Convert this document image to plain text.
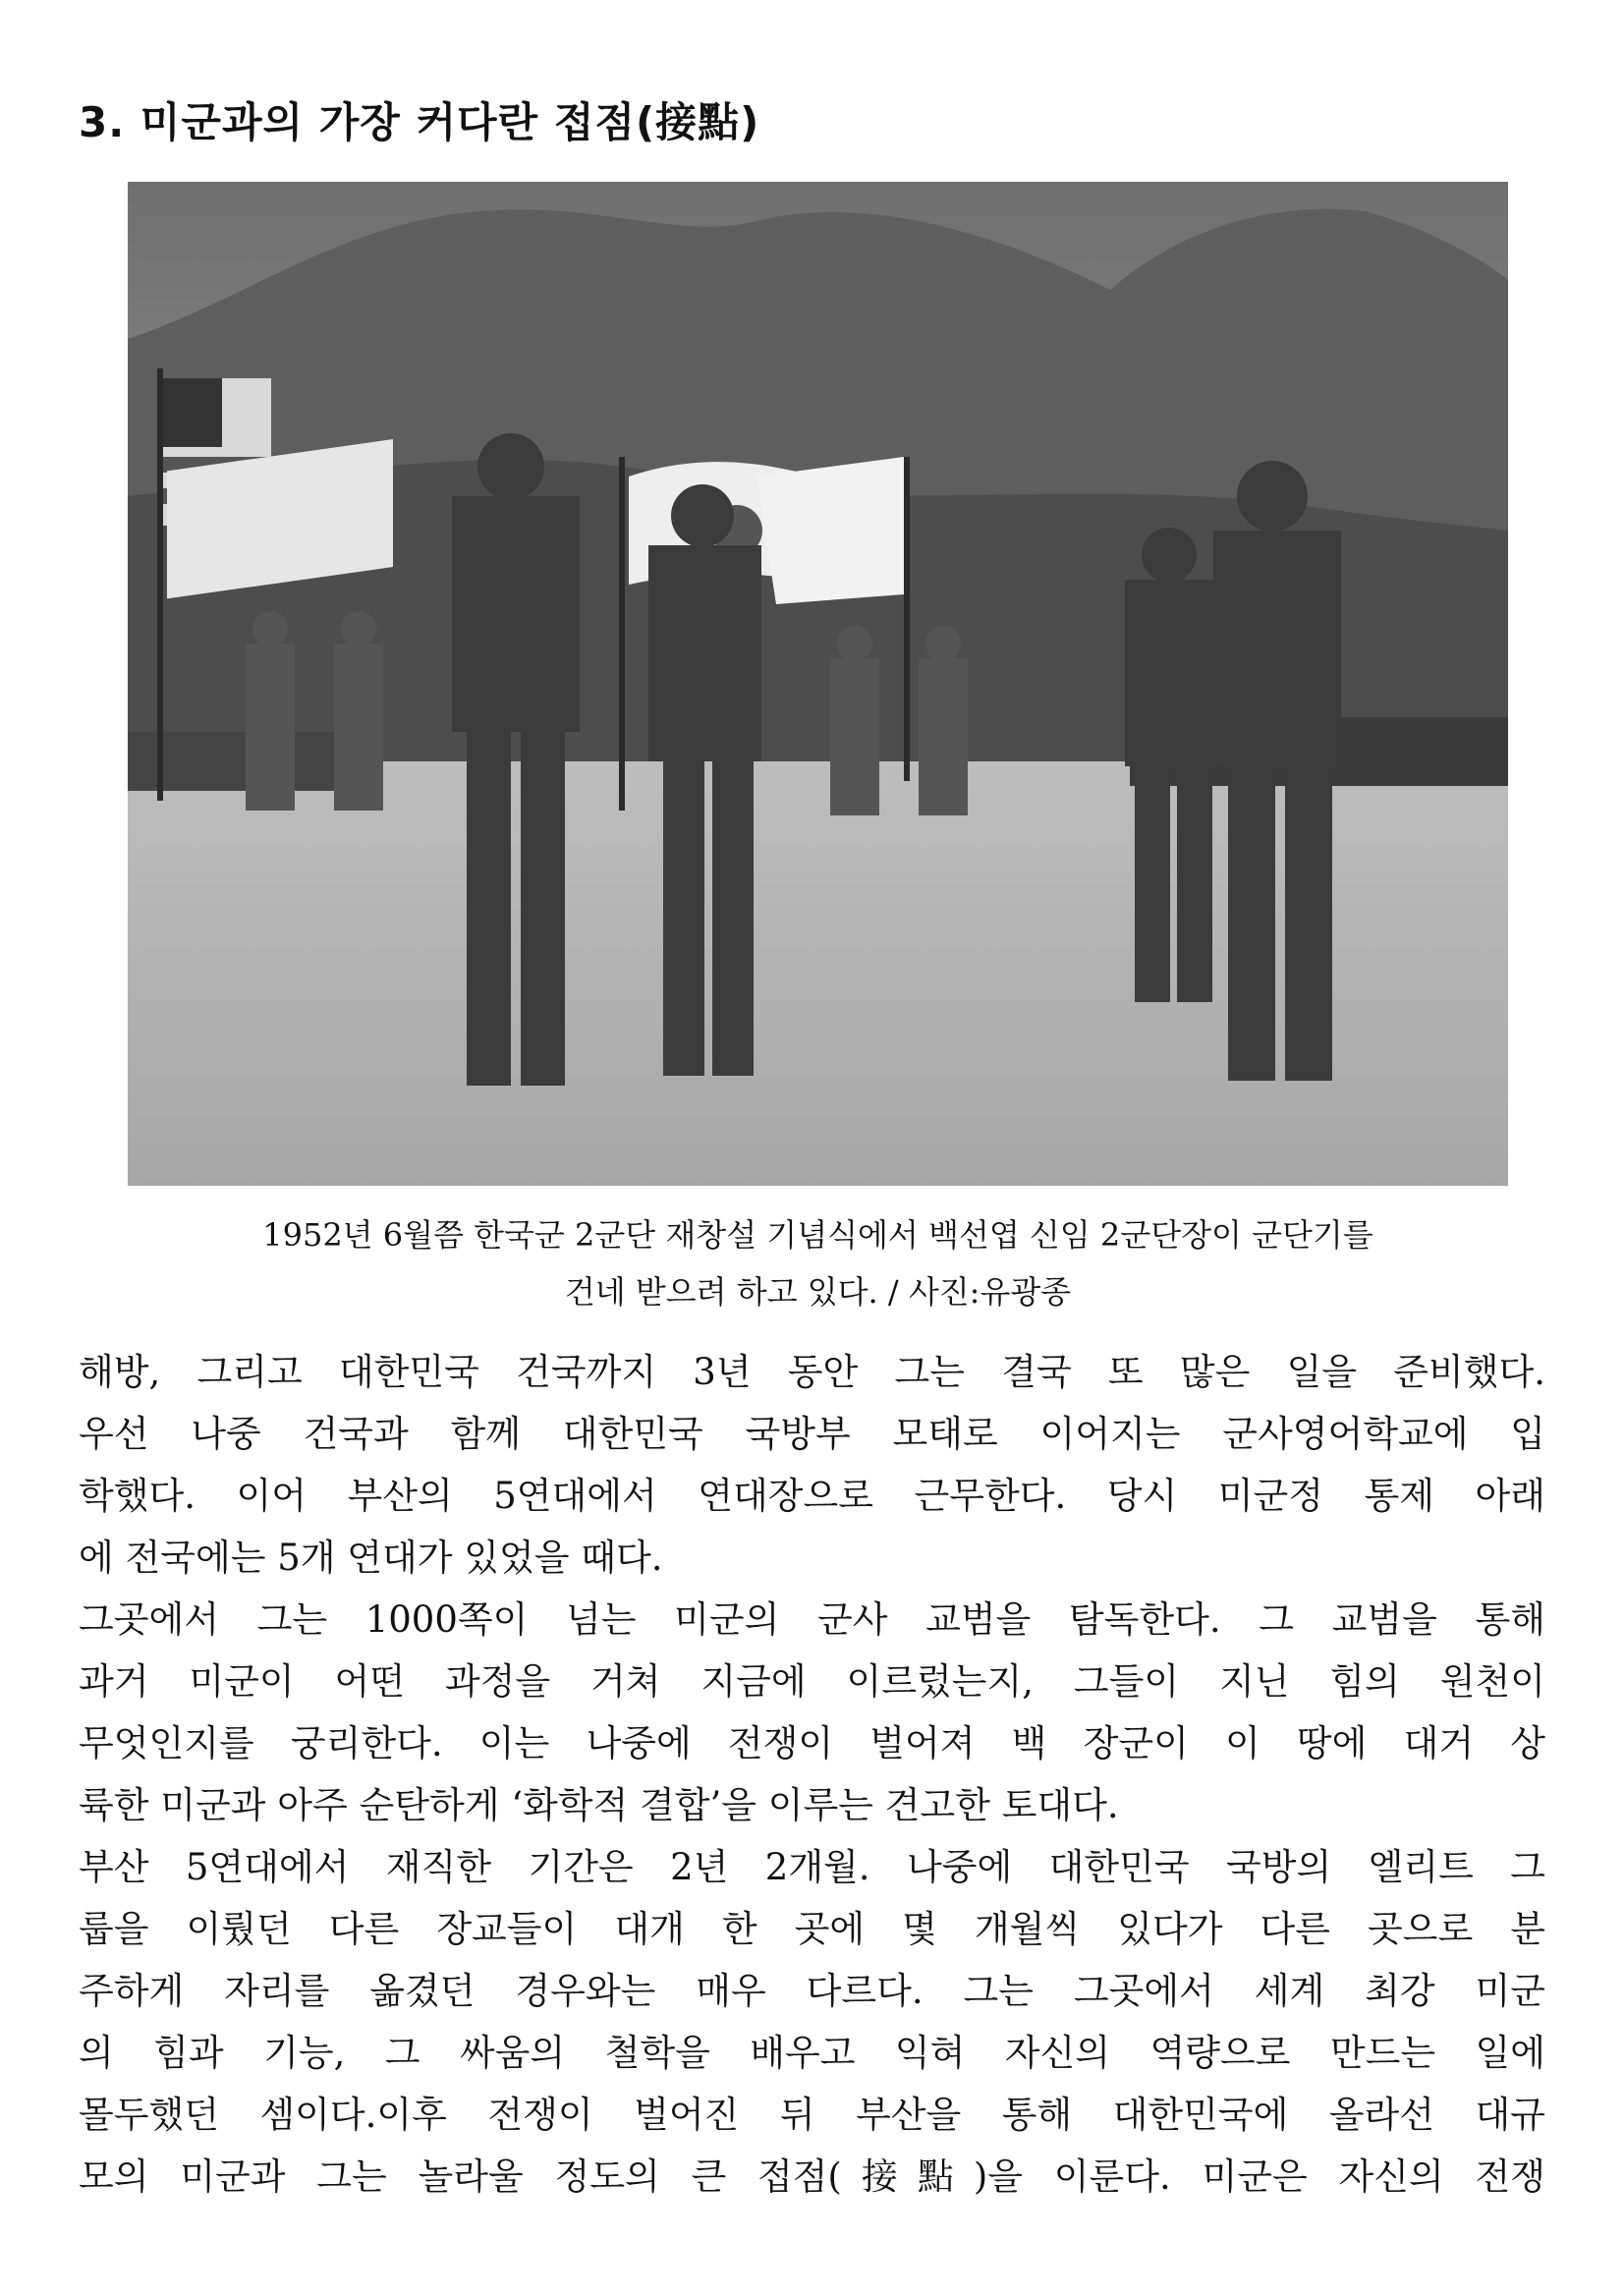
3. 미군과의 가장 커다란 접점(接點)
1952년 6월쯤 한국군 2군단 재창설 기념식에서 백선엽 신임 2군단장이 군단기를
건네 받으려 하고 있다. / 사진:유광종
해방, 그리고 대한민국 건국까지 3년 동안 그는 결국 또 많은 일을 준비했다.
우선 나중 건국과 함께 대한민국 국방부 모태로 이어지는 군사영어학교에 입
학했다. 이어 부산의 5연대에서 연대장으로 근무한다. 당시 미군정 통제 아래
에 전국에는 5개 연대가 있었을 때다.
그곳에서 그는 1000쪽이 넘는 미군의 군사 교범을 탐독한다. 그 교범을 통해
과거 미군이 어떤 과정을 거쳐 지금에 이르렀는지, 그들이 지닌 힘의 원천이
무엇인지를 궁리한다. 이는 나중에 전쟁이 벌어져 백 장군이 이 땅에 대거 상
륙한 미군과 아주 순탄하게 ‘화학적 결합’을 이루는 견고한 토대다.
부산 5연대에서 재직한 기간은 2년 2개월. 나중에 대한민국 국방의 엘리트 그
룹을 이뤘던 다른 장교들이 대개 한 곳에 몇 개월씩 있다가 다른 곳으로 분
주하게 자리를 옮겼던 경우와는 매우 다르다. 그는 그곳에서 세계 최강 미군
의 힘과 기능, 그 싸움의 철학을 배우고 익혀 자신의 역량으로 만드는 일에
몰두했던 셈이다.이후 전쟁이 벌어진 뒤 부산을 통해 대한민국에 올라선 대규
모의 미군과 그는 놀라울 정도의 큰 접점(接點)을 이룬다. 미군은 자신의 전쟁
